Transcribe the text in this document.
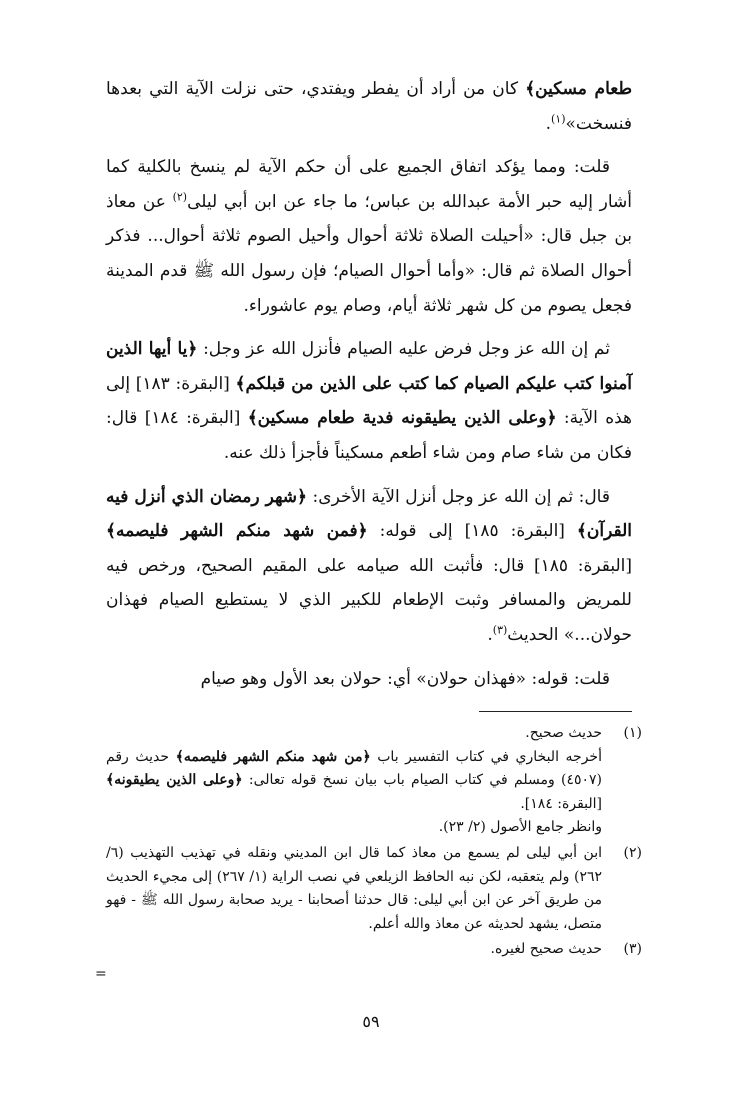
طعام مسكين﴾ كان من أراد أن يفطر ويفتدي، حتى نزلت الآية التي بعدها فنسخت»$^{(١)}$.

قلت: ومما يؤكد اتفاق الجميع على أن حكم الآية لم ينسخ بالكلية كما أشار إليه حبر الأمة عبدالله بن عباس؛ ما جاء عن ابن أبي ليلى$^{(٢)}$ عن معاذ بن جبل قال: «أحيلت الصلاة ثلاثة أحوال وأحيل الصوم ثلاثة أحوال... فذكر أحوال الصلاة ثم قال: «وأما أحوال الصيام؛ فإن رسول الله ﷺ قدم المدينة فجعل يصوم من كل شهر ثلاثة أيام، وصام يوم عاشوراء.

ثم إن الله عز وجل فرض عليه الصيام فأنزل الله عز وجل: ﴿يا أيها الذين آمنوا كتب عليكم الصيام كما كتب على الذين من قبلكم﴾ [البقرة: ١٨٣] إلى هذه الآية: ﴿وعلى الذين يطيقونه فدية طعام مسكين﴾ [البقرة: ١٨٤] قال: فكان من شاء صام ومن شاء أطعم مسكيناً فأجزأ ذلك عنه.

قال: ثم إن الله عز وجل أنزل الآية الأخرى: ﴿شهر رمضان الذي أنزل فيه القرآن﴾ [البقرة: ١٨٥] إلى قوله: ﴿فمن شهد منكم الشهر فليصمه﴾ [البقرة: ١٨٥] قال: فأثبت الله صيامه على المقيم الصحيح، ورخص فيه للمريض والمسافر وثبت الإطعام للكبير الذي لا يستطيع الصيام فهذان حولان...» الحديث$^{(٣)}$.

قلت: قوله: «فهذان حولان» أي: حولان بعد الأول وهو صيام

(١)
حديث صحيح.
أخرجه البخاري في كتاب التفسير باب ﴿من شهد منكم الشهر فليصمه﴾ حديث رقم (٤٥٠٧) ومسلم في كتاب الصيام باب بيان نسخ قوله تعالى: ﴿وعلى الذين يطيقونه﴾ [البقرة: ١٨٤].
وانظر جامع الأصول (٢/ ٢٣).
(٢)
ابن أبي ليلى لم يسمع من معاذ كما قال ابن المديني ونقله في تهذيب التهذيب (٦/ ٢٦٢) ولم يتعقبه، لكن نبه الحافظ الزيلعي في نصب الراية (١/ ٢٦٧) إلى مجيء الحديث من طريق آخر عن ابن أبي ليلى: قال حدثنا أصحابنا - يريد صحابة رسول الله ﷺ - فهو متصل، يشهد لحديثه عن معاذ والله أعلم.
(٣)
حديث صحيح لغيره.
=
٥٩
